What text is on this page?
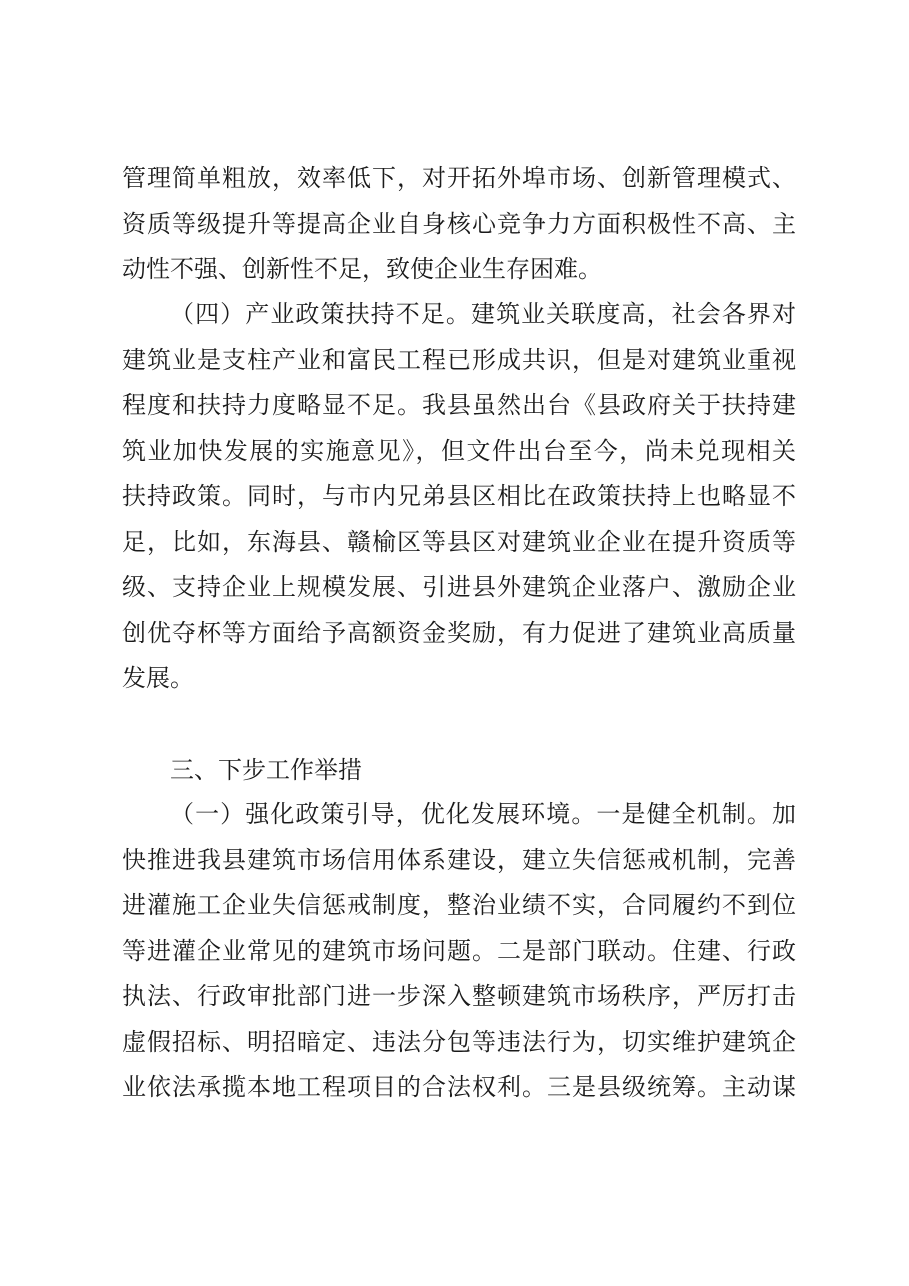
管理简单粗放，效率低下，对开拓外埠市场、创新管理模式、
资质等级提升等提高企业自身核心竞争力方面积极性不高、主
动性不强、创新性不足，致使企业生存困难。

（四）产业政策扶持不足。建筑业关联度高，社会各界对
建筑业是支柱产业和富民工程已形成共识，但是对建筑业重视
程度和扶持力度略显不足。我县虽然出台《县政府关于扶持建
筑业加快发展的实施意见》，但文件出台至今，尚未兑现相关
扶持政策。同时，与市内兄弟县区相比在政策扶持上也略显不
足，比如，东海县、赣榆区等县区对建筑业企业在提升资质等
级、支持企业上规模发展、引进县外建筑企业落户、激励企业
创优夺杯等方面给予高额资金奖励，有力促进了建筑业高质量
发展。

三、下步工作举措

（一）强化政策引导，优化发展环境。一是健全机制。加
快推进我县建筑市场信用体系建设，建立失信惩戒机制，完善
进灌施工企业失信惩戒制度，整治业绩不实，合同履约不到位
等进灌企业常见的建筑市场问题。二是部门联动。住建、行政
执法、行政审批部门进一步深入整顿建筑市场秩序，严厉打击
虚假招标、明招暗定、违法分包等违法行为，切实维护建筑企
业依法承揽本地工程项目的合法权利。三是县级统筹。主动谋
